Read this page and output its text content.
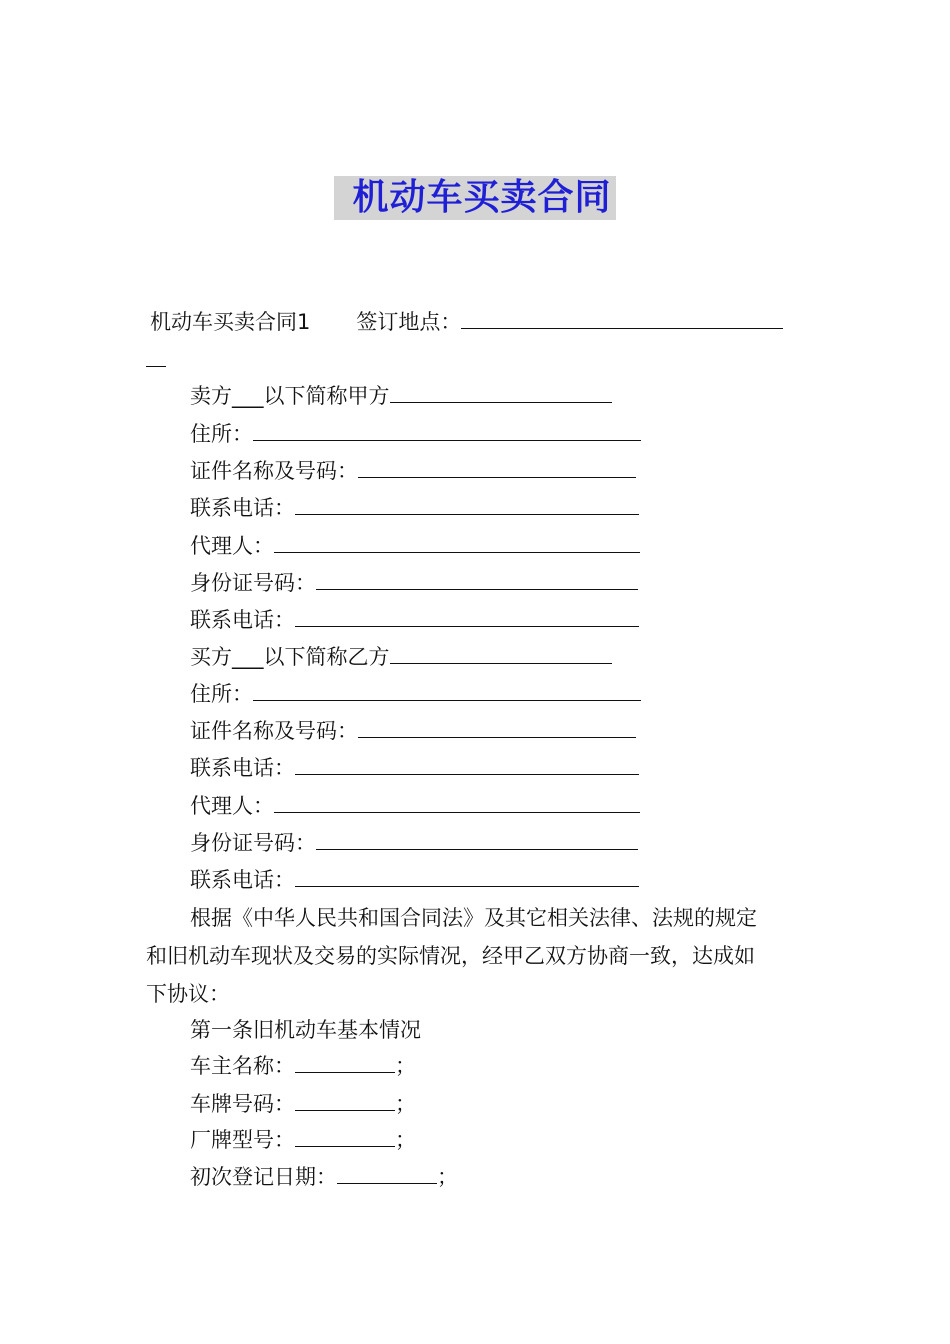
机动车买卖合同
机动车买卖合同1 签订地点：
卖方___以下简称甲方
住所：
证件名称及号码：
联系电话：
代理人：
身份证号码：
联系电话：
买方___以下简称乙方
住所：
证件名称及号码：
联系电话：
代理人：
身份证号码：
联系电话：
根据《中华人民共和国合同法》及其它相关法律、法规的规定
和旧机动车现状及交易的实际情况，经甲乙双方协商一致，达成如
下协议：
第一条旧机动车基本情况
车主名称：	；
车牌号码：	；
厂牌型号：	；
初次登记日期：	；
